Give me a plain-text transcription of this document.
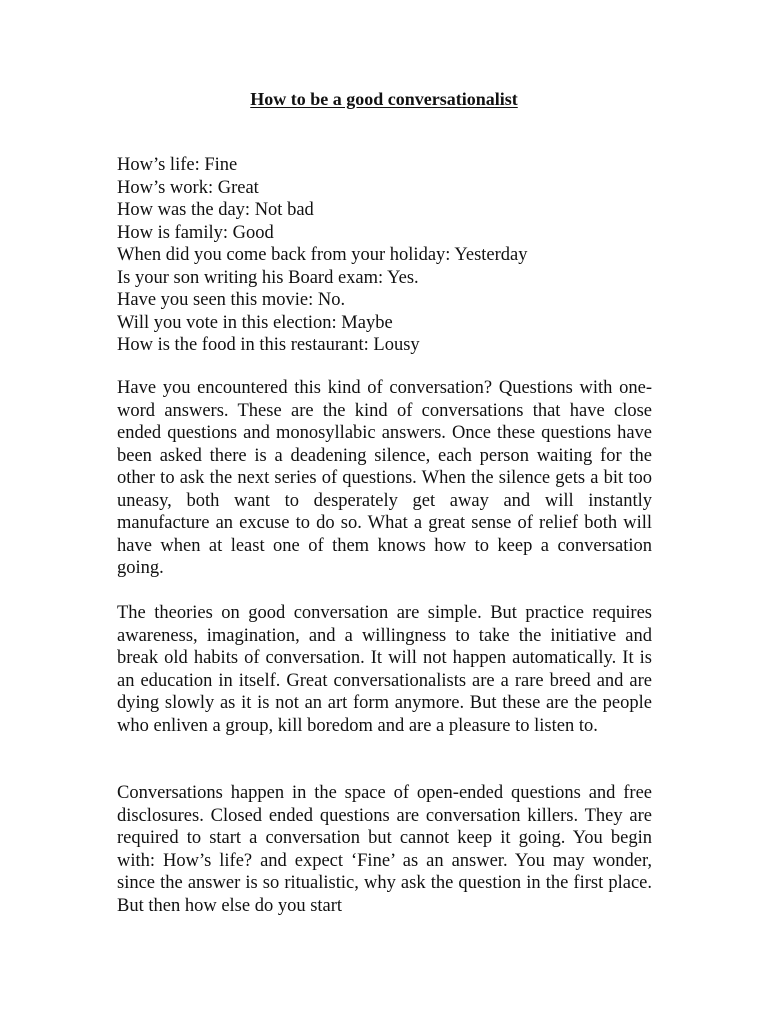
How to be a good conversationalist
How’s life: Fine
How’s work: Great
How was the day: Not bad
How is family: Good
When did you come back from your holiday: Yesterday
Is your son writing his Board exam: Yes.
Have you seen this movie: No.
Will you vote in this election: Maybe
How is the food in this restaurant: Lousy

Have you encountered this kind of conversation? Questions with one-word answers. These are the kind of conversations that have close ended questions and monosyllabic answers. Once these questions have been asked there is a deadening silence, each person waiting for the other to ask the next series of questions. When the silence gets a bit too uneasy, both want to desperately get away and will instantly manufacture an excuse to do so. What a great sense of relief both will have when at least one of them knows how to keep a conversation going.

The theories on good conversation are simple. But practice requires awareness, imagination, and a willingness to take the initiative and break old habits of conversation. It will not happen automatically. It is an education in itself. Great conversationalists are a rare breed and are dying slowly as it is not an art form anymore. But these are the people who enliven a group, kill boredom and are a pleasure to listen to.

Conversations happen in the space of open-ended questions and free disclosures. Closed ended questions are conversation killers. They are required to start a conversation but cannot keep it going. You begin with: How’s life? and expect ‘Fine’ as an answer. You may wonder, since the answer is so ritualistic, why ask the question in the first place. But then how else do you start
